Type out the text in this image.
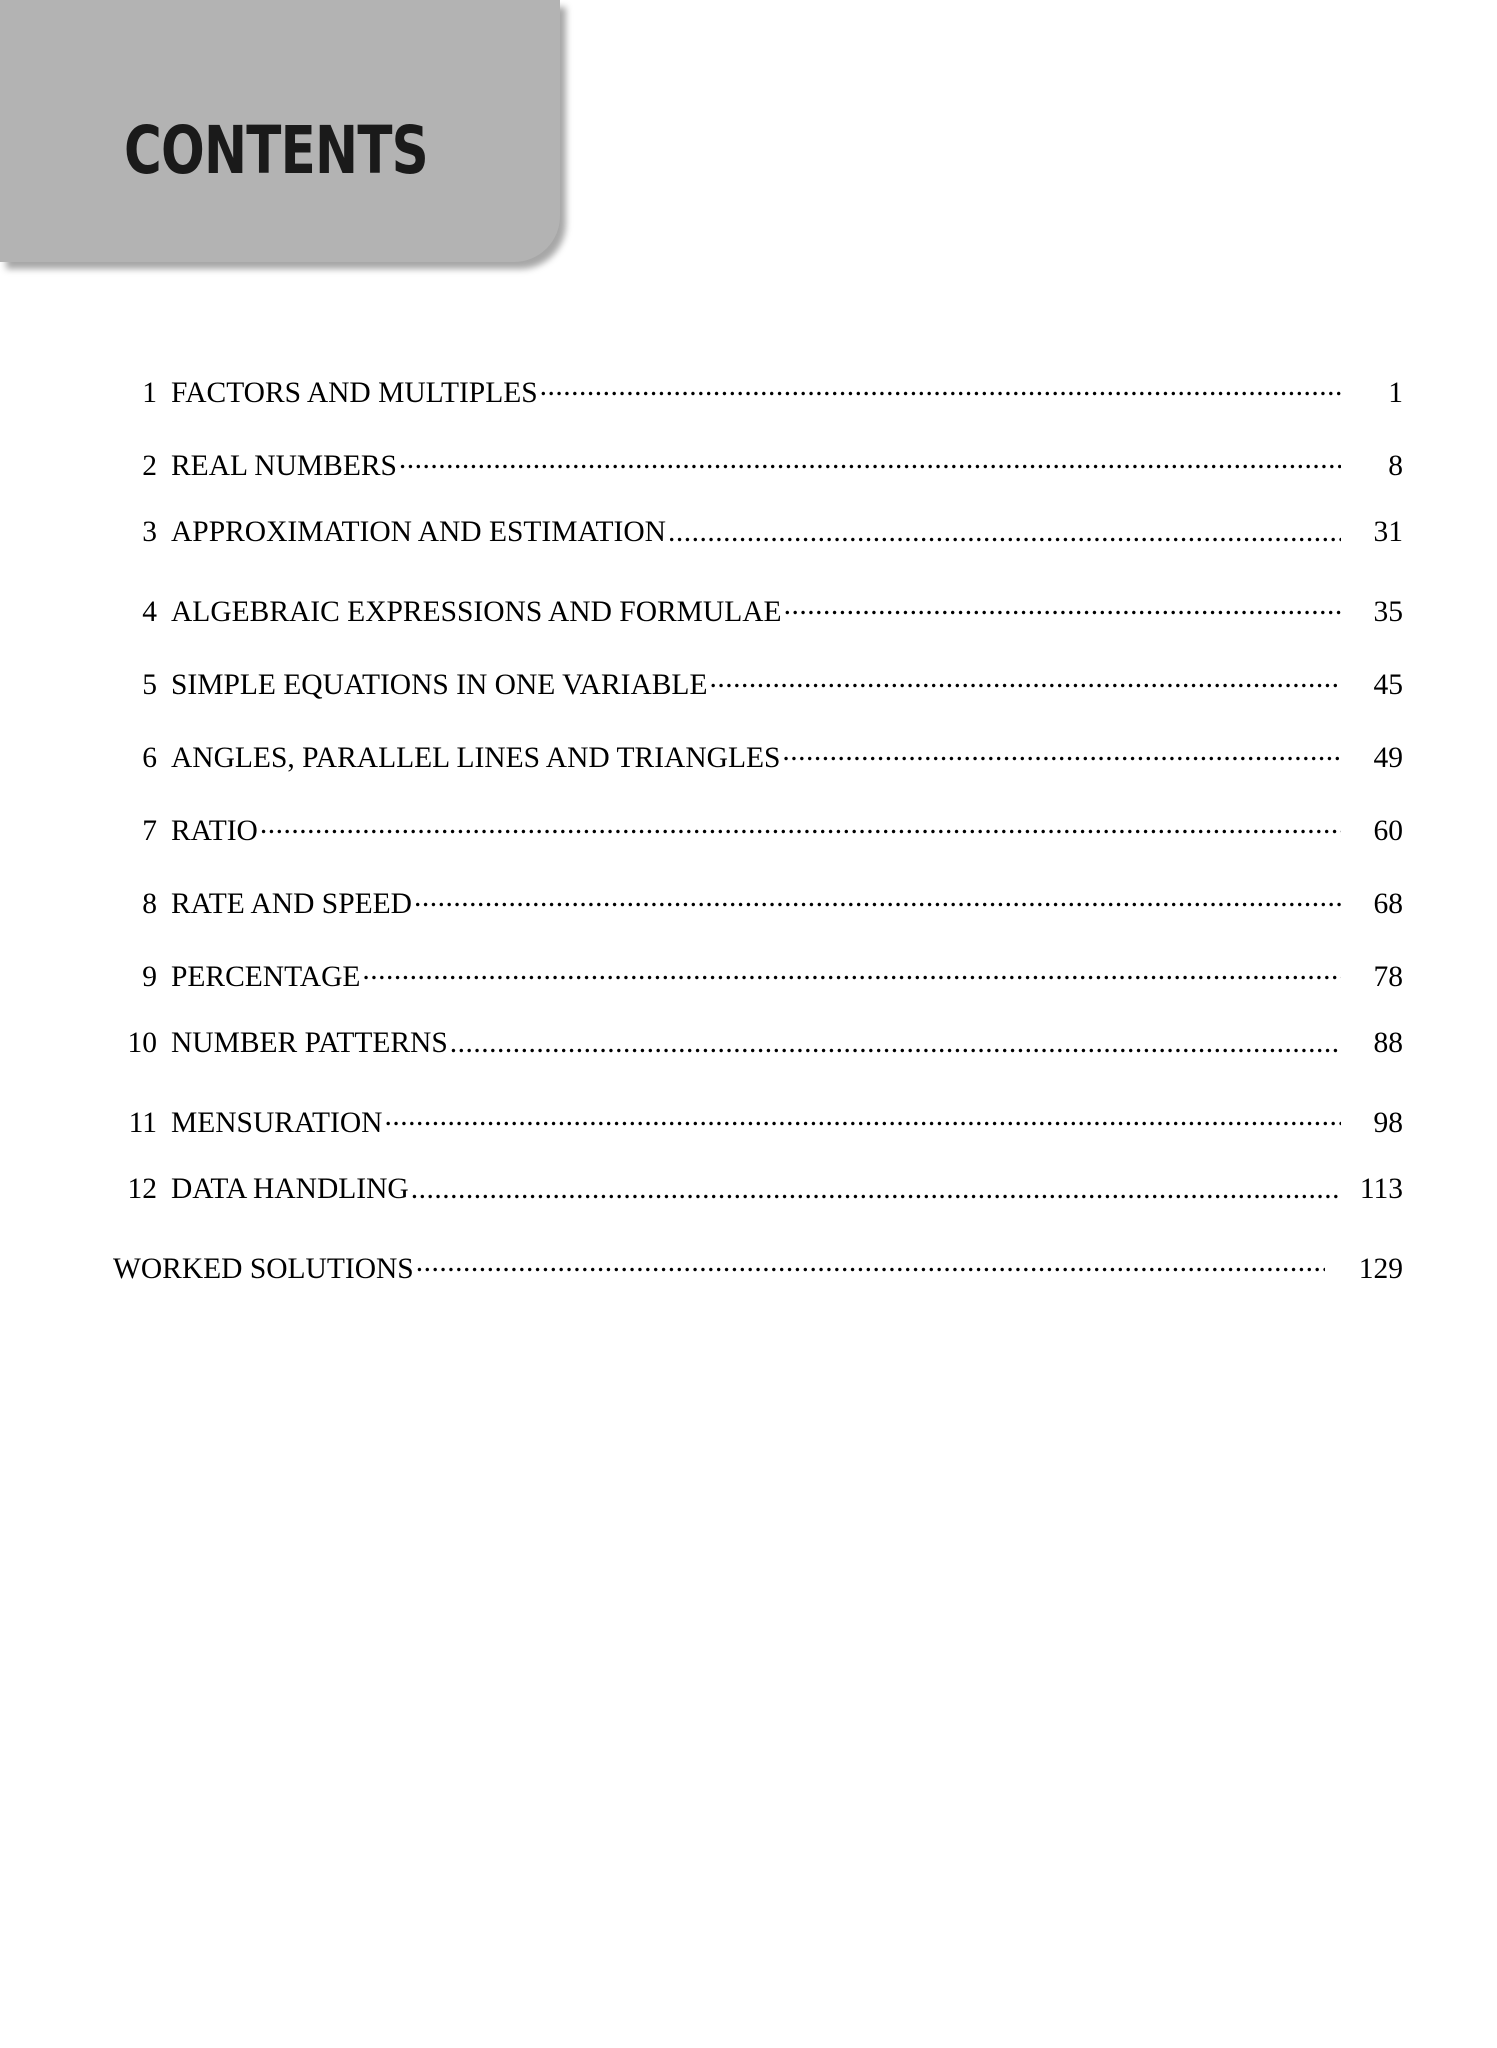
CONTENTS
1 FACTORS AND MULTIPLES .....	1
2 REAL NUMBERS .....	8
3 APPROXIMATION AND ESTIMATION .....	31
4 ALGEBRAIC EXPRESSIONS AND FORMULAE .....	35
5 SIMPLE EQUATIONS IN ONE VARIABLE .....	45
6 ANGLES, PARALLEL LINES AND TRIANGLES .....	49
7 RATIO .....	60
8 RATE AND SPEED .....	68
9 PERCENTAGE .....	78
10 NUMBER PATTERNS .....	88
11 MENSURATION .....	98
12 DATA HANDLING .....	113
WORKED SOLUTIONS .....	129
